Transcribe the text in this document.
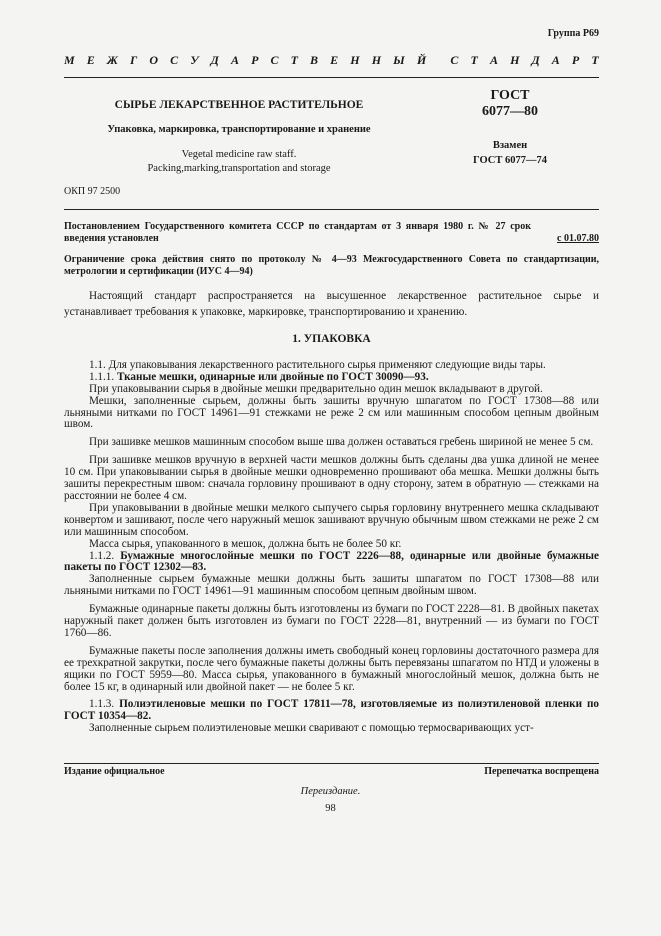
Группа Р69
М Е Ж Г О С У Д А Р С Т В Е Н Н Ы Й С Т А Н Д А Р Т
СЫРЬЕ ЛЕКАРСТВЕННОЕ РАСТИТЕЛЬНОЕ
Упаковка, маркировка, транспортирование и хранение
Vegetal medicine raw staff.
Packing,marking,transportation and storage
ГОСТ
6077—80
Взамен
ГОСТ 6077—74
ОКП 97 2500
Постановлением Государственного комитета СССР по стандартам от 3 января 1980 г. № 27 срок введения установлен	с 01.07.80
Ограничение срока действия снято по протоколу № 4—93 Межгосударственного Совета по стандартизации, метрологии и сертификации (ИУС 4—94)

Настоящий стандарт распространяется на высушенное лекарственное растительное сырье и устанавливает требования к упаковке, маркировке, транспортированию и хранению.

1. УПАКОВКА

1.1. Для упаковывания лекарственного растительного сырья применяют следующие виды тары.

1.1.1. Тканые мешки, одинарные или двойные по ГОСТ 30090—93.

При упаковывании сырья в двойные мешки предварительно один мешок вкладывают в другой.

Мешки, заполненные сырьем, должны быть зашиты вручную шпагатом по ГОСТ 17308—88 или льняными нитками по ГОСТ 14961—91 стежками не реже 2 см или машинным способом цепным двойным швом.

При зашивке мешков машинным способом выше шва должен оставаться гребень шириной не менее 5 см.

При зашивке мешков вручную в верхней части мешков должны быть сделаны два ушка длиной не менее 10 см. При упаковывании сырья в двойные мешки одновременно прошивают оба мешка. Мешки должны быть зашиты перекрестным швом: сначала горловину прошивают в одну сторону, затем в обратную — стежками на расстоянии не более 4 см.

При упаковывании в двойные мешки мелкого сыпучего сырья горловину внутреннего мешка складывают конвертом и зашивают, после чего наружный мешок зашивают вручную обычным швом стежками не реже 2 см или машинным способом.

Масса сырья, упакованного в мешок, должна быть не более 50 кг.

1.1.2. Бумажные многослойные мешки по ГОСТ 2226—88, одинарные или двойные бумажные пакеты по ГОСТ 12302—83.

Заполненные сырьем бумажные мешки должны быть зашиты шпагатом по ГОСТ 17308—88 или льняными нитками по ГОСТ 14961—91 машинным способом цепным двойным швом.

Бумажные одинарные пакеты должны быть изготовлены из бумаги по ГОСТ 2228—81. В двойных пакетах наружный пакет должен быть изготовлен из бумаги по ГОСТ 2228—81, внутренний — из бумаги по ГОСТ 1760—86.

Бумажные пакеты после заполнения должны иметь свободный конец горловины достаточного размера для ее трехкратной закрутки, после чего бумажные пакеты должны быть перевязаны шпагатом по НТД и уложены в ящики по ГОСТ 5959—80. Масса сырья, упакованного в бумажный многослойный мешок, должна быть не более 15 кг, в одинарный или двойной пакет — не более 5 кг.

1.1.3. Полиэтиленовые мешки по ГОСТ 17811—78, изготовляемые из полиэтиленовой пленки по ГОСТ 10354—82.

Заполненные сырьем полиэтиленовые мешки сваривают с помощью термосваривающих уст-

Издание официальное	Перепечатка воспрещена
Переиздание.
98
